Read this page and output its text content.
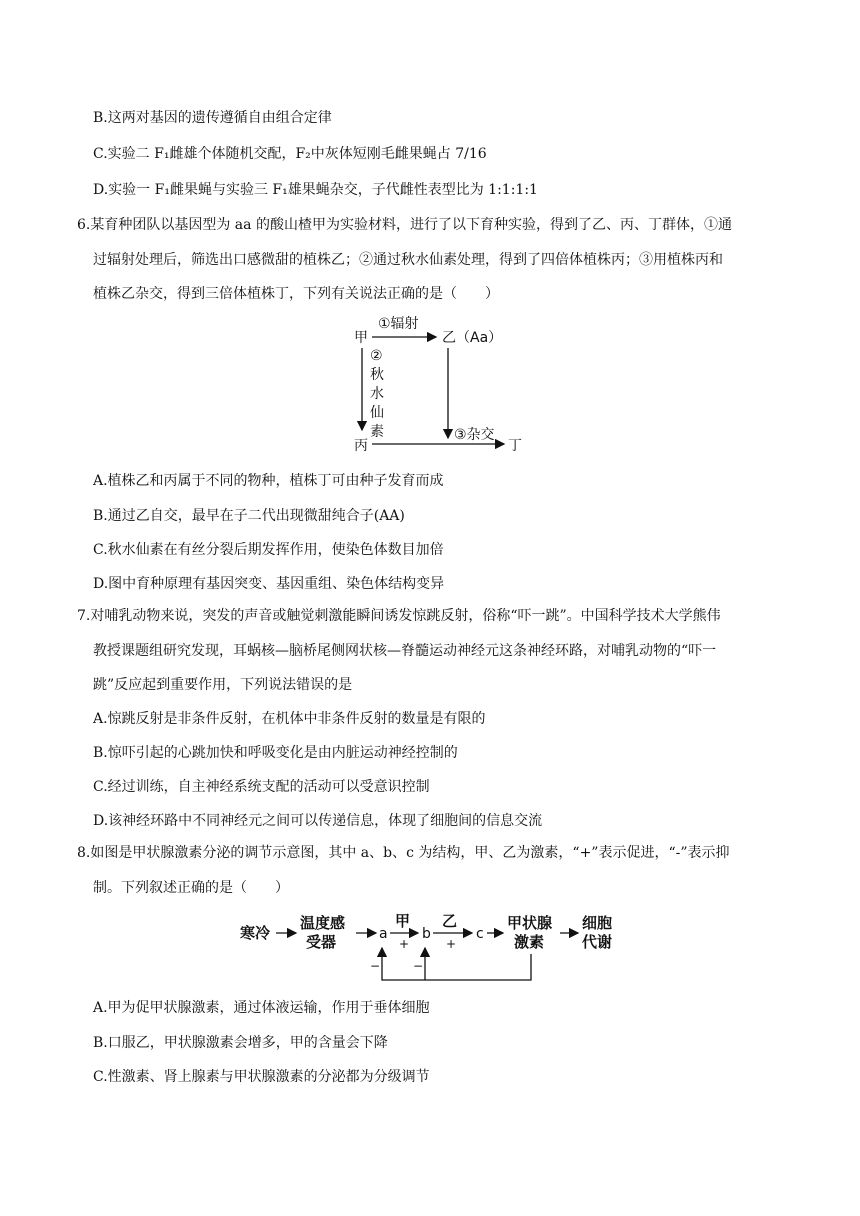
B.这两对基因的遗传遵循自由组合定律
C.实验二 F₁雌雄个体随机交配，F₂中灰体短刚毛雌果蝇占 7/16
D.实验一 F₁雌果蝇与实验三 F₁雄果蝇杂交，子代雌性表型比为 1:1:1:1
6.某育种团队以基因型为 aa 的酸山楂甲为实验材料，进行了以下育种实验，得到了乙、丙、丁群体，①通
过辐射处理后，筛选出口感微甜的植株乙；②通过秋水仙素处理，得到了四倍体植株丙；③用植株丙和
植株乙杂交，得到三倍体植株丁，下列有关说法正确的是（　　）
甲
①辐射
乙（Aa）
②
秋
水
仙
素
丙
③杂交
丁
A.植株乙和丙属于不同的物种，植株丁可由种子发育而成
B.通过乙自交，最早在子二代出现微甜纯合子(AA)
C.秋水仙素在有丝分裂后期发挥作用，使染色体数目加倍
D.图中育种原理有基因突变、基因重组、染色体结构变异
7.对哺乳动物来说，突发的声音或触觉刺激能瞬间诱发惊跳反射，俗称“吓一跳”。中国科学技术大学熊伟
教授课题组研究发现，耳蜗核—脑桥尾侧网状核—脊髓运动神经元这条神经环路，对哺乳动物的“吓一
跳”反应起到重要作用，下列说法错误的是
A.惊跳反射是非条件反射，在机体中非条件反射的数量是有限的
B.惊吓引起的心跳加快和呼吸变化是由内脏运动神经控制的
C.经过训练，自主神经系统支配的活动可以受意识控制
D.该神经环路中不同神经元之间可以传递信息，体现了细胞间的信息交流
8.如图是甲状腺激素分泌的调节示意图，其中 a、b、c 为结构，甲、乙为激素，“+”表示促进，“-”表示抑
制。下列叙述正确的是（　　）
寒冷
温度感
受器	a
甲
+
b
乙
+
c
甲状腺
激素
细胞
代谢
−	−
A.甲为促甲状腺激素，通过体液运输，作用于垂体细胞
B.口服乙，甲状腺激素会增多，甲的含量会下降
C.性激素、肾上腺素与甲状腺激素的分泌都为分级调节
